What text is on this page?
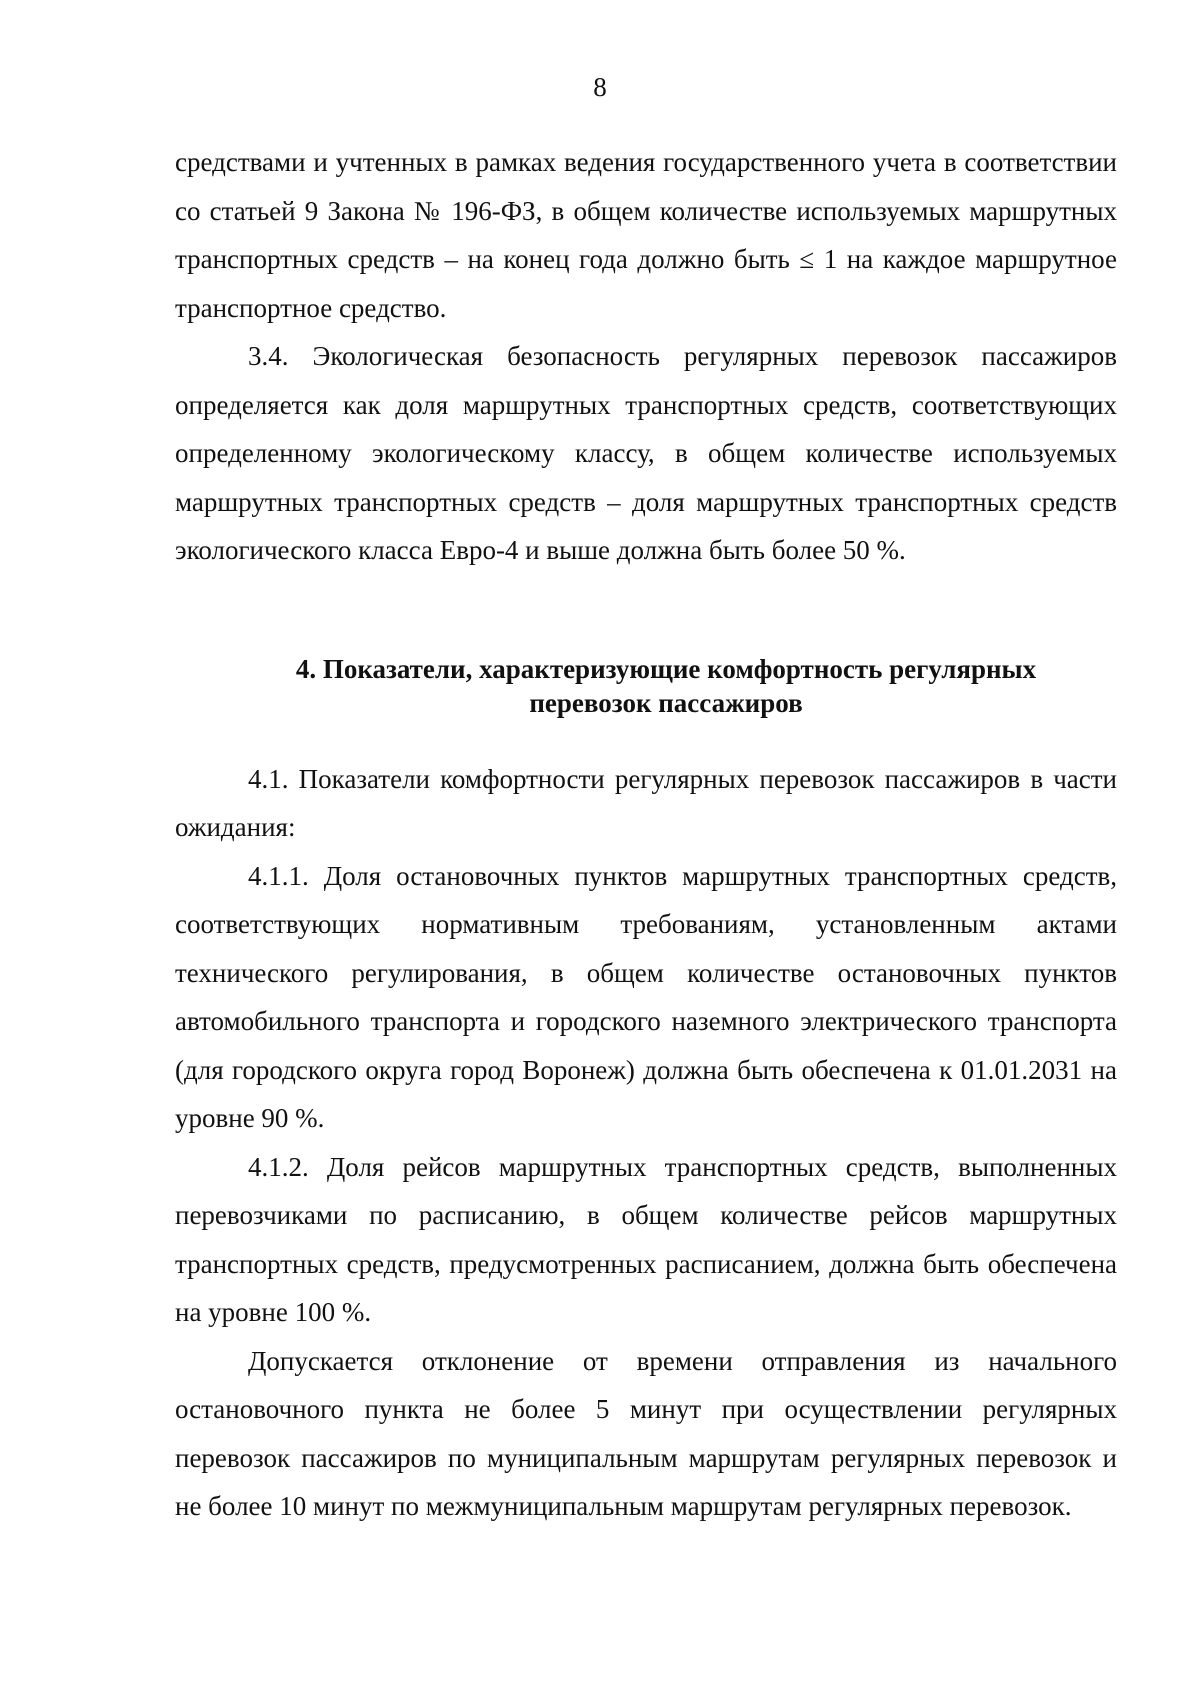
8

средствами и учтенных в рамках ведения государственного учета в соответствии со статьей 9 Закона № 196-ФЗ, в общем количестве используемых маршрутных транспортных средств – на конец года должно быть ≤ 1 на каждое маршрутное транспортное средство.

3.4. Экологическая безопасность регулярных перевозок пассажиров определяется как доля маршрутных транспортных средств, соответствующих определенному экологическому классу, в общем количестве используемых маршрутных транспортных средств – доля маршрутных транспортных средств экологического класса Евро-4 и выше должна быть более 50 %.

4. Показатели, характеризующие комфортность регулярных
перевозок пассажиров

4.1. Показатели комфортности регулярных перевозок пассажиров в части ожидания:

4.1.1. Доля остановочных пунктов маршрутных транспортных средств, соответствующих нормативным требованиям, установленным актами технического регулирования, в общем количестве остановочных пунктов автомобильного транспорта и городского наземного электрического транспорта (для городского округа город Воронеж) должна быть обеспечена к 01.01.2031 на уровне 90 %.

4.1.2. Доля рейсов маршрутных транспортных средств, выполненных перевозчиками по расписанию, в общем количестве рейсов маршрутных транспортных средств, предусмотренных расписанием, должна быть обеспечена на уровне 100 %.

Допускается отклонение от времени отправления из начального остановочного пункта не более 5 минут при осуществлении регулярных перевозок пассажиров по муниципальным маршрутам регулярных перевозок и не более 10 минут по межмуниципальным маршрутам регулярных перевозок.
